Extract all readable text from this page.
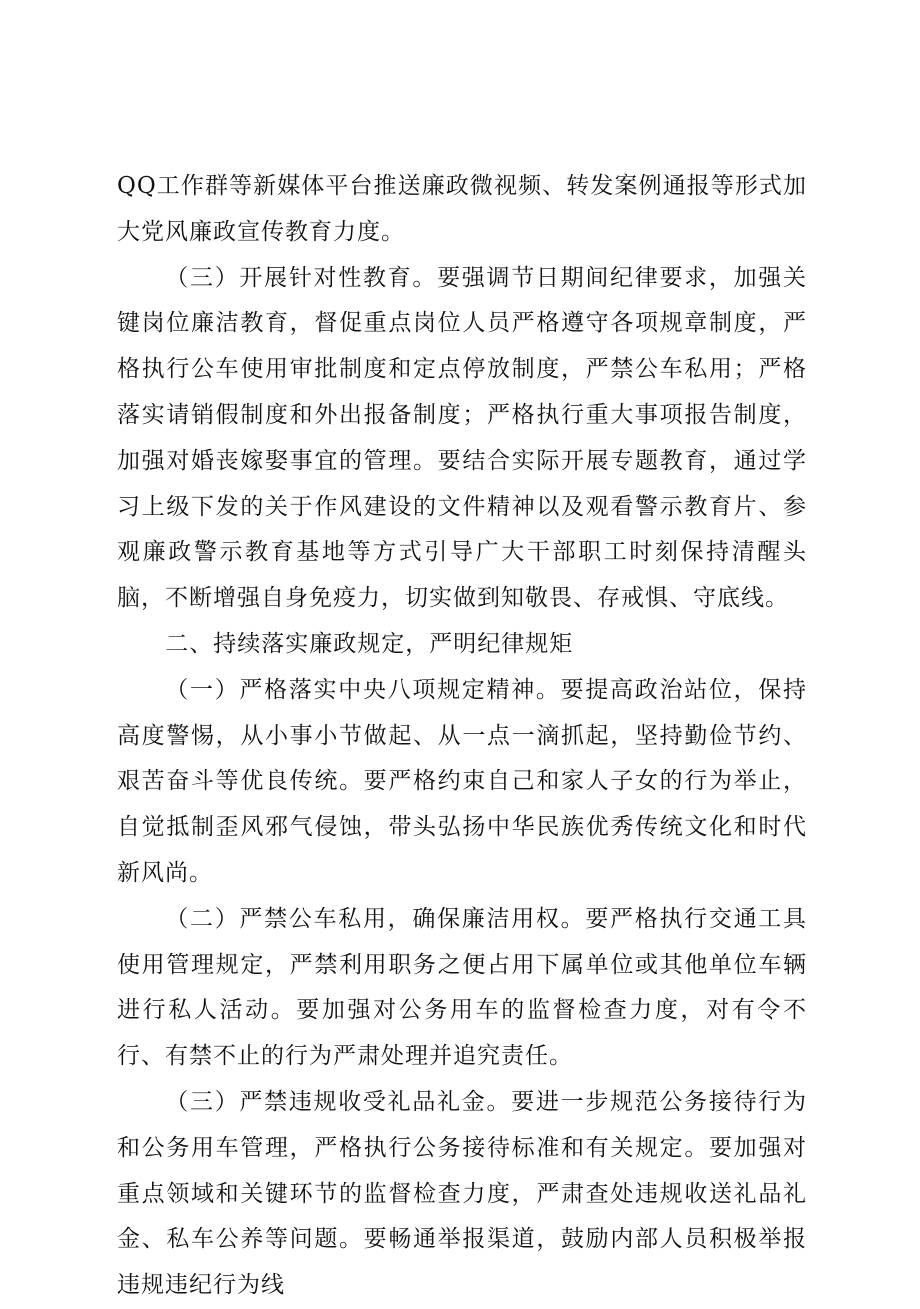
QQ工作群等新媒体平台推送廉政微视频、转发案例通报等形式加大党风廉政宣传教育力度。

（三）开展针对性教育。要强调节日期间纪律要求，加强关键岗位廉洁教育，督促重点岗位人员严格遵守各项规章制度，严格执行公车使用审批制度和定点停放制度，严禁公车私用；严格落实请销假制度和外出报备制度；严格执行重大事项报告制度，加强对婚丧嫁娶事宜的管理。要结合实际开展专题教育，通过学习上级下发的关于作风建设的文件精神以及观看警示教育片、参观廉政警示教育基地等方式引导广大干部职工时刻保持清醒头脑，不断增强自身免疫力，切实做到知敬畏、存戒惧、守底线。

二、持续落实廉政规定，严明纪律规矩

（一）严格落实中央八项规定精神。要提高政治站位，保持高度警惕，从小事小节做起、从一点一滴抓起，坚持勤俭节约、艰苦奋斗等优良传统。要严格约束自己和家人子女的行为举止，自觉抵制歪风邪气侵蚀，带头弘扬中华民族优秀传统文化和时代新风尚。

（二）严禁公车私用，确保廉洁用权。要严格执行交通工具使用管理规定，严禁利用职务之便占用下属单位或其他单位车辆进行私人活动。要加强对公务用车的监督检查力度，对有令不行、有禁不止的行为严肃处理并追究责任。

（三）严禁违规收受礼品礼金。要进一步规范公务接待行为和公务用车管理，严格执行公务接待标准和有关规定。要加强对重点领域和关键环节的监督检查力度，严肃查处违规收送礼品礼金、私车公养等问题。要畅通举报渠道，鼓励内部人员积极举报违规违纪行为线
